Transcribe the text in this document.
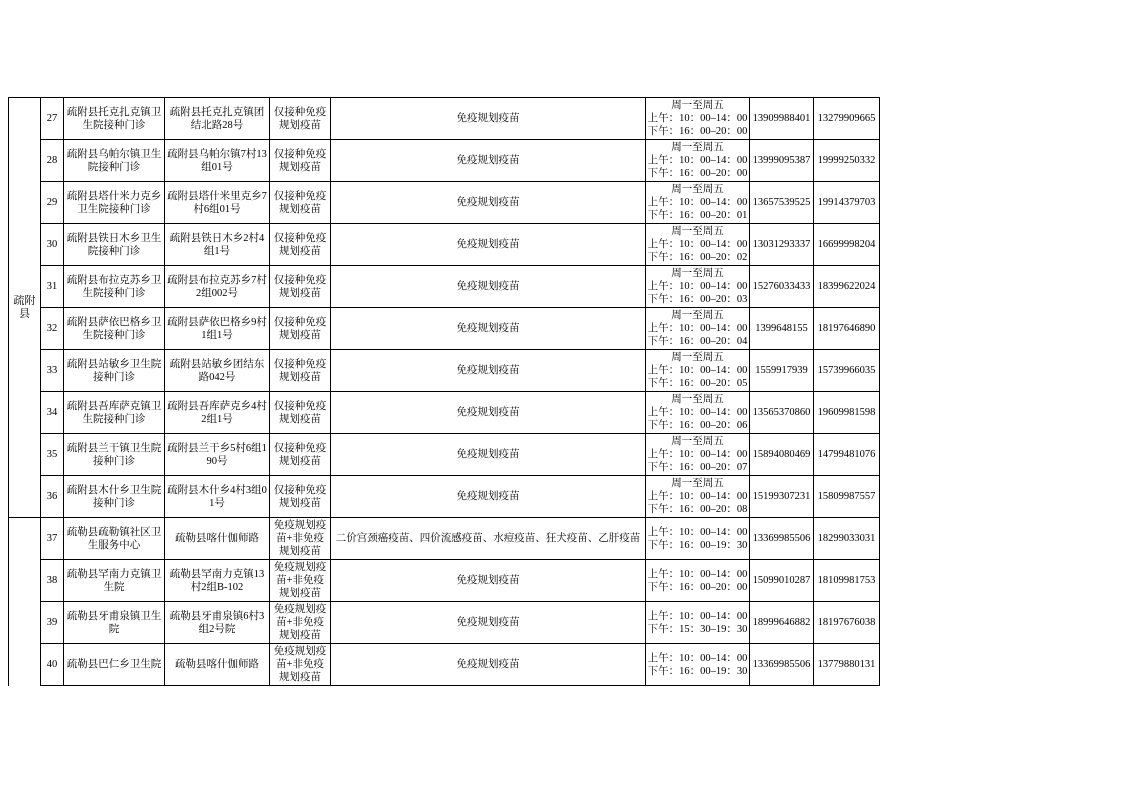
疏附县	27	疏附县托克扎克镇卫生院接种门诊	疏附县托克扎克镇团结北路28号	仅接种免疫规划疫苗	免疫规划疫苗	周一至周五
上午：10：00–14：00
下午：16：00–20：00	13909988401	13279909665
	28	疏附县乌帕尔镇卫生院接种门诊	疏附县乌帕尔镇7村13组01号	仅接种免疫规划疫苗	免疫规划疫苗	周一至周五
上午：10：00–14：00
下午：16：00–20：00	13999095387	19999250332
	29	疏附县塔什米力克乡卫生院接种门诊	疏附县塔什米里克乡7村6组01号	仅接种免疫规划疫苗	免疫规划疫苗	周一至周五
上午：10：00–14：00
下午：16：00–20：01	13657539525	19914379703
	30	疏附县铁日木乡卫生院接种门诊	疏附县铁日木乡2村4组1号	仅接种免疫规划疫苗	免疫规划疫苗	周一至周五
上午：10：00–14：00
下午：16：00–20：02	13031293337	16699998204
	31	疏附县布拉克苏乡卫生院接种门诊	疏附县布拉克苏乡7村2组002号	仅接种免疫规划疫苗	免疫规划疫苗	周一至周五
上午：10：00–14：00
下午：16：00–20：03	15276033433	18399622024
	32	疏附县萨依巴格乡卫生院接种门诊	疏附县萨依巴格乡9村1组1号	仅接种免疫规划疫苗	免疫规划疫苗	周一至周五
上午：10：00–14：00
下午：16：00–20：04	1399648155	18197646890
	33	疏附县站敏乡卫生院接种门诊	疏附县站敏乡团结东路042号	仅接种免疫规划疫苗	免疫规划疫苗	周一至周五
上午：10：00–14：00
下午：16：00–20：05	1559917939	15739966035
	34	疏附县吾库萨克镇卫生院接种门诊	疏附县吾库萨克乡4村2组1号	仅接种免疫规划疫苗	免疫规划疫苗	周一至周五
上午：10：00–14：00
下午：16：00–20：06	13565370860	19609981598
	35	疏附县兰干镇卫生院接种门诊	疏附县兰干乡5村6组190号	仅接种免疫规划疫苗	免疫规划疫苗	周一至周五
上午：10：00–14：00
下午：16：00–20：07	15894080469	14799481076
	36	疏附县木什乡卫生院接种门诊	疏附县木什乡4村3组01号	仅接种免疫规划疫苗	免疫规划疫苗	周一至周五
上午：10：00–14：00
下午：16：00–20：08	15199307231	15809987557
	37	疏勒县疏勒镇社区卫生服务中心	疏勒县喀什伽师路	免疫规划疫苗+非免疫规划疫苗	二价宫颈癌疫苗、四价流感疫苗、水痘疫苗、狂犬疫苗、乙肝疫苗	上午：10：00–14：00
下午：16：00–19：30	13369985506	18299033031
	38	疏勒县罕南力克镇卫生院	疏勒县罕南力克镇13村2组B-102	免疫规划疫苗+非免疫规划疫苗	免疫规划疫苗	上午：10：00–14：00
下午：16：00–20：00	15099010287	18109981753
	39	疏勒县牙甫泉镇卫生院	疏勒县牙甫泉镇6村3组2号院	免疫规划疫苗+非免疫规划疫苗	免疫规划疫苗	上午：10：00–14：00
下午：15：30–19：30	18999646882	18197676038
	40	疏勒县巴仁乡卫生院	疏勒县喀什伽师路	免疫规划疫苗+非免疫规划疫苗	免疫规划疫苗	上午：10：00–14：00
下午：16：00–19：30	13369985506	13779880131
